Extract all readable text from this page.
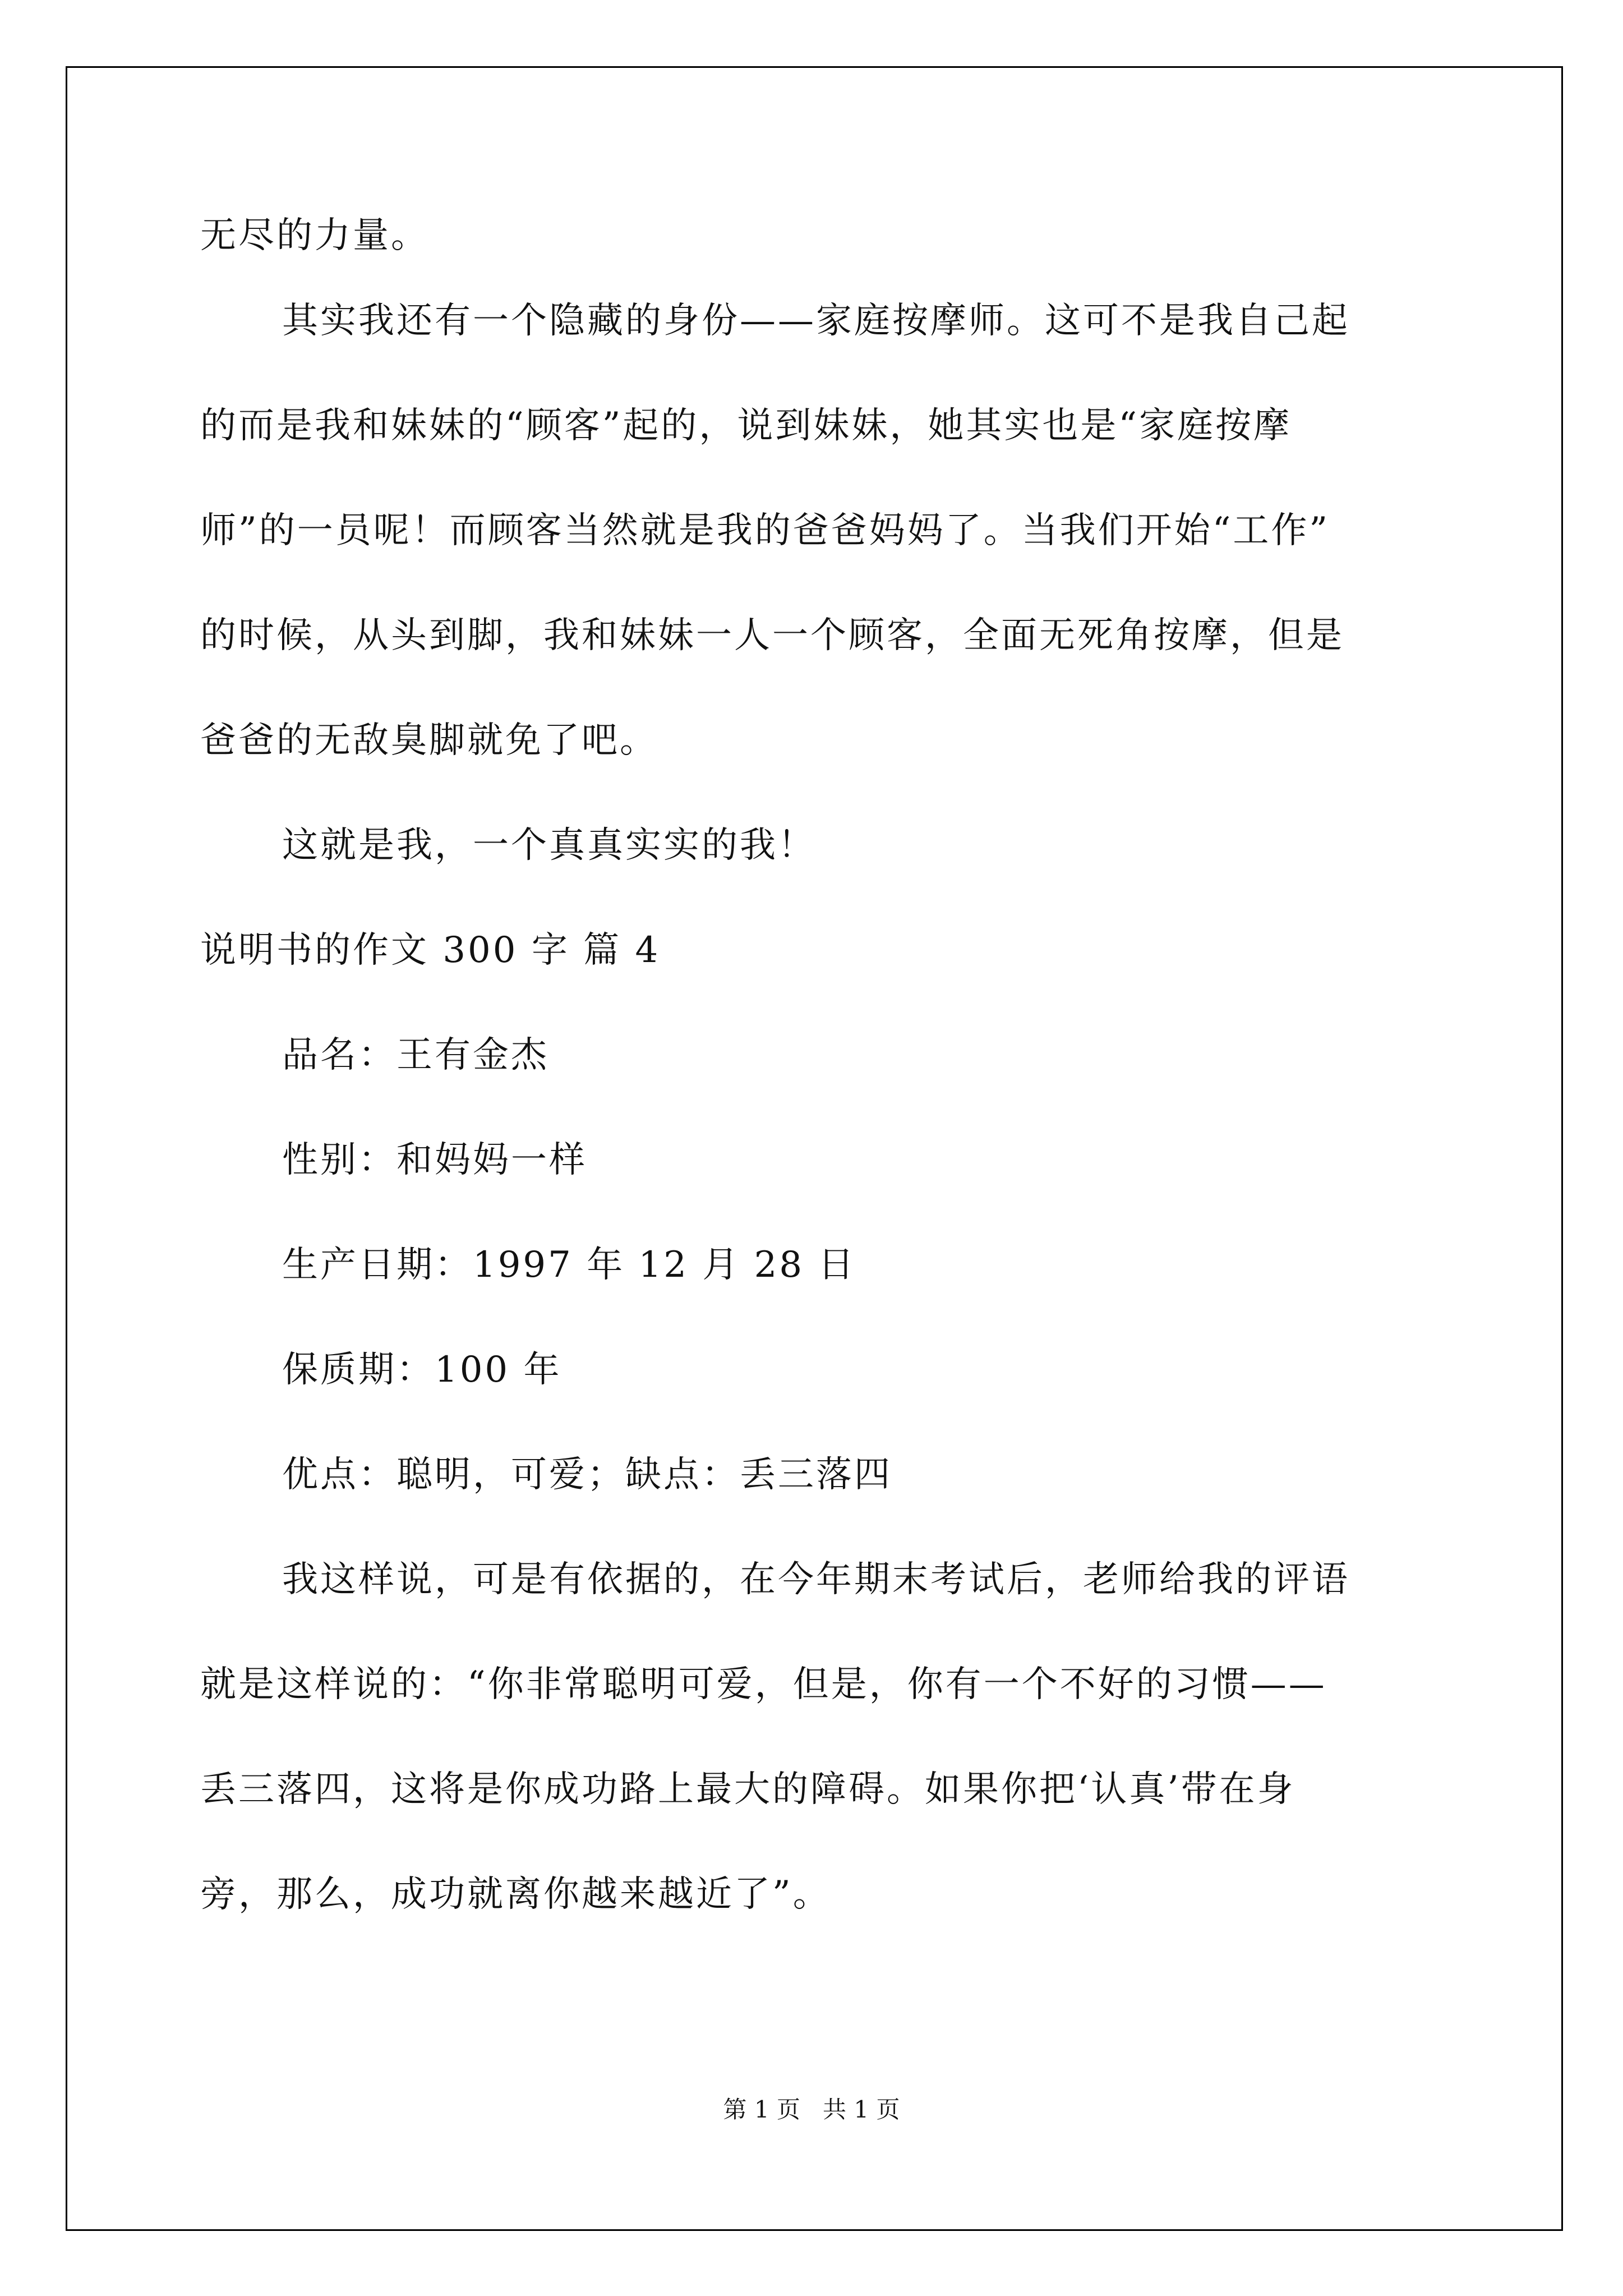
无尽的力量。
其实我还有一个隐藏的身份——家庭按摩师。这可不是我自己起
的而是我和妹妹的“顾客”起的，说到妹妹，她其实也是“家庭按摩
师”的一员呢！而顾客当然就是我的爸爸妈妈了。当我们开始“工作”
的时候，从头到脚，我和妹妹一人一个顾客，全面无死角按摩，但是
爸爸的无敌臭脚就免了吧。
这就是我，一个真真实实的我！
说明书的作文 300 字 篇 4
品名：王有金杰
性别：和妈妈一样
生产日期：1997 年 12 月 28 日
保质期：100 年
优点：聪明，可爱；缺点：丢三落四
我这样说，可是有依据的，在今年期末考试后，老师给我的评语
就是这样说的：“你非常聪明可爱，但是，你有一个不好的习惯——
丢三落四，这将是你成功路上最大的障碍。如果你把‘认真’带在身
旁，那么，成功就离你越来越近了”。
第 1 页   共 1 页
